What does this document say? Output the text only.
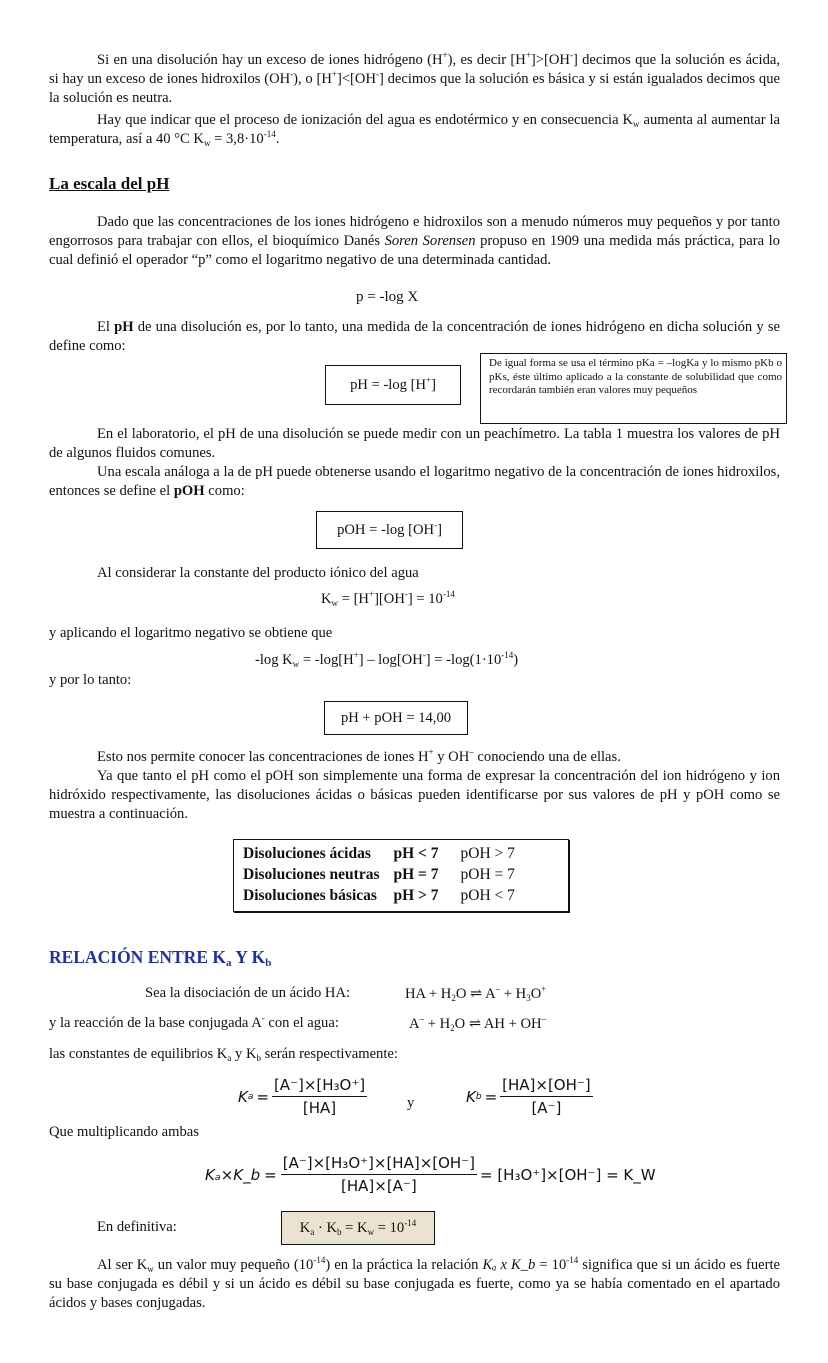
Si en una disolución hay un exceso de iones hidrógeno (H+), es decir [H+]>[OH-] decimos que la solución es ácida, si hay un exceso de iones hidroxilos (OH-), o [H+]<[OH-] decimos que la solución es básica y si están igualados decimos que la solución es neutra.

Hay que indicar que el proceso de ionización del agua es endotérmico y en consecuencia $K_w$ aumenta al aumentar la temperatura, así a 40 °C $K_w = 3,8\cdot 10^{-14}$.

La escala del pH

Dado que las concentraciones de los iones hidrógeno e hidroxilos son a menudo números muy pequeños y por tanto engorrosos para trabajar con ellos, el bioquímico Danés Soren Sorensen propuso en 1909 una medida más práctica, para lo cual definió el operador “p” como el logaritmo negativo de una determinada cantidad.

p = -log X

El pH de una disolución es, por lo tanto, una medida de la concentración de iones hidrógeno en dicha solución y se define como:

pH = -log [H+]
De igual forma se usa el término pKa = –logKa y lo mismo pKb o pKs, éste último aplicado a la constante de solubilidad que como recordarán también eran valores muy pequeños

En el laboratorio, el pH de una disolución se puede medir con un peachímetro. La tabla 1 muestra los valores de pH de algunos fluidos comunes.

Una escala análoga a la de pH puede obtenerse usando el logaritmo negativo de la concentración de iones hidroxilos, entonces se define el pOH como:

pOH = -log [OH-]

Al considerar la constante del producto iónico del agua

$K_w = [H^+][OH^-] = 10^{-14}$

y aplicando el logaritmo negativo se obtiene que

-log $K_w = -\log[H^+] - \log[OH^-] = -\log(1\cdot 10^{-14})$

y por lo tanto:

pH + pOH = 14,00

Esto nos permite conocer las concentraciones de iones H+ y OH– conociendo una de ellas.

Ya que tanto el pH como el pOH son simplemente una forma de expresar la concentración del ion hidrógeno y ion hidróxido respectivamente, las disoluciones ácidas o básicas pueden identificarse por sus valores de pH y pOH como se muestra a continuación.

Disoluciones ácidas	pH < 7	pOH > 7
Disoluciones neutras	pH = 7	pOH = 7
Disoluciones básicas	pH > 7	pOH < 7
RELACIÓN ENTRE $K_a$ Y $K_b$
Sea la disociación de un ácido HA:	HA + $H_2O$ ⇌ $A^- + H_3O^+$
y la reacción de la base conjugada A- con el agua:	$A^- + H_2O$ ⇌ AH + OH–

las constantes de equilibrios $K_a$ y $K_b$ serán respectivamente:

K $a = \frac{\text{[A⁻]×[H₃O⁺]}}{[HA]}$	y	K $b = \frac{[HA]\times[OH^-]}{[A^-]}$

Que multiplicando ambas

Kₐ×K_b = $\frac{\text{[A⁻]×[H₃O⁺]×[HA]×[OH⁻]}}{[HA]\times[A^-]} = [H_3O^+]\times[OH^-]$ = K_W
En definitiva:	$K_a \cdot K_b = K_w = 10^{-14}$

Al ser $K_w$ un valor muy pequeño $(10^{-14})$ en la práctica la relación Kₐ x K_b = $10^{-14}$ significa que si un ácido es fuerte su base conjugada es débil y si un ácido es débil su base conjugada es fuerte, como ya se había comentado en el apartado ácidos y bases conjugadas.
